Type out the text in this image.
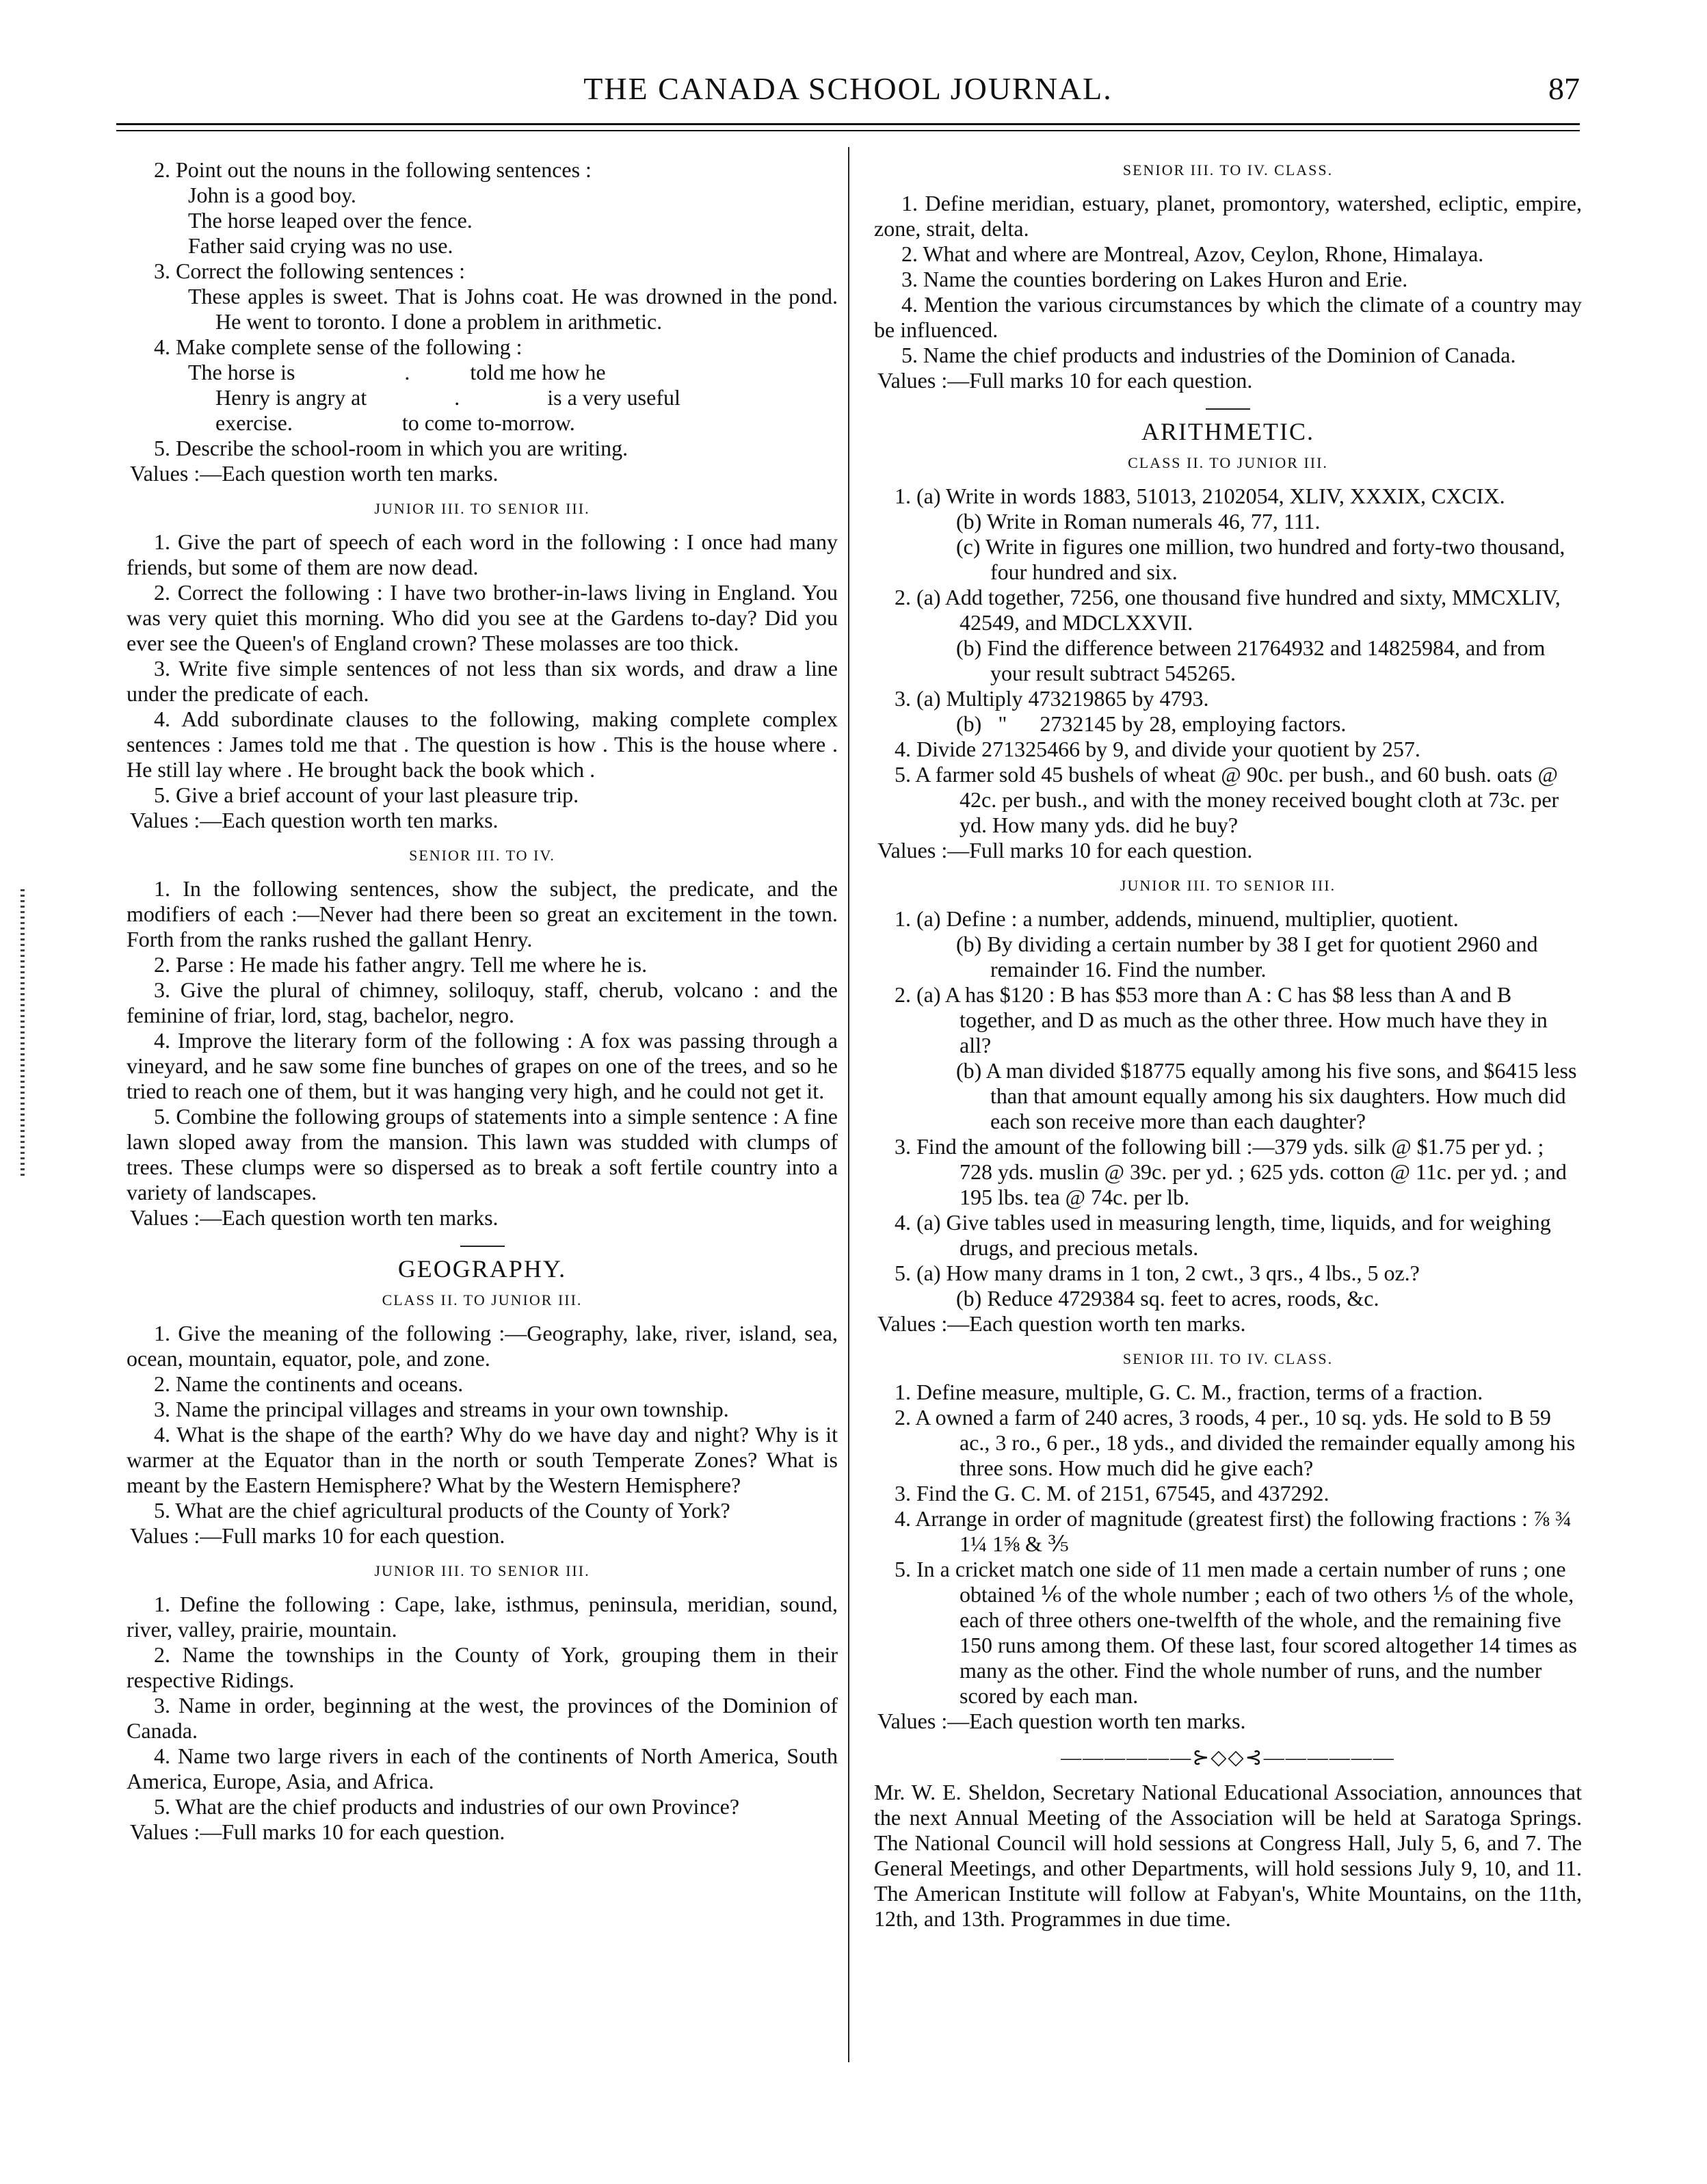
THE CANADA SCHOOL JOURNAL.	87

2. Point out the nouns in the following sentences :

John is a good boy.

The horse leaped over the fence.

Father said crying was no use.

3. Correct the following sentences :

These apples is sweet. That is Johns coat. He was drowned in the pond. He went to toronto. I done a problem in arithmetic.

4. Make complete sense of the following :

The horse is                    .           told me how he

Henry is angry at                .                is a very useful

exercise.                    to come to-morrow.

5. Describe the school-room in which you are writing.

Values :—Each question worth ten marks.

JUNIOR III. TO SENIOR III.

1. Give the part of speech of each word in the following : I once had many friends, but some of them are now dead.

2. Correct the following : I have two brother-in-laws living in England. You was very quiet this morning. Who did you see at the Gardens to-day? Did you ever see the Queen's of England crown? These molasses are too thick.

3. Write five simple sentences of not less than six words, and draw a line under the predicate of each.

4. Add subordinate clauses to the following, making complete complex sentences : James told me that . The question is how . This is the house where . He still lay where . He brought back the book which .

5. Give a brief account of your last pleasure trip.

Values :—Each question worth ten marks.

SENIOR III. TO IV.

1. In the following sentences, show the subject, the predicate, and the modifiers of each :—Never had there been so great an excitement in the town. Forth from the ranks rushed the gallant Henry.

2. Parse : He made his father angry. Tell me where he is.

3. Give the plural of chimney, soliloquy, staff, cherub, volcano : and the feminine of friar, lord, stag, bachelor, negro.

4. Improve the literary form of the following : A fox was passing through a vineyard, and he saw some fine bunches of grapes on one of the trees, and so he tried to reach one of them, but it was hanging very high, and he could not get it.

5. Combine the following groups of statements into a simple sentence : A fine lawn sloped away from the mansion. This lawn was studded with clumps of trees. These clumps were so dispersed as to break a soft fertile country into a variety of landscapes.

Values :—Each question worth ten marks.

GEOGRAPHY.
CLASS II. TO JUNIOR III.

1. Give the meaning of the following :—Geography, lake, river, island, sea, ocean, mountain, equator, pole, and zone.

2. Name the continents and oceans.

3. Name the principal villages and streams in your own township.

4. What is the shape of the earth? Why do we have day and night? Why is it warmer at the Equator than in the north or south Temperate Zones? What is meant by the Eastern Hemisphere? What by the Western Hemisphere?

5. What are the chief agricultural products of the County of York?

Values :—Full marks 10 for each question.

JUNIOR III. TO SENIOR III.

1. Define the following : Cape, lake, isthmus, peninsula, meridian, sound, river, valley, prairie, mountain.

2. Name the townships in the County of York, grouping them in their respective Ridings.

3. Name in order, beginning at the west, the provinces of the Dominion of Canada.

4. Name two large rivers in each of the continents of North America, South America, Europe, Asia, and Africa.

5. What are the chief products and industries of our own Province?

Values :—Full marks 10 for each question.

SENIOR III. TO IV. CLASS.

1. Define meridian, estuary, planet, promontory, watershed, ecliptic, empire, zone, strait, delta.

2. What and where are Montreal, Azov, Ceylon, Rhone, Himalaya.

3. Name the counties bordering on Lakes Huron and Erie.

4. Mention the various circumstances by which the climate of a country may be influenced.

5. Name the chief products and industries of the Dominion of Canada.

Values :—Full marks 10 for each question.

ARITHMETIC.
CLASS II. TO JUNIOR III.

1. (a) Write in words 1883, 51013, 2102054, XLIV, XXXIX, CXCIX.

(b) Write in Roman numerals 46, 77, 111.

(c) Write in figures one million, two hundred and forty-two thousand, four hundred and six.

2. (a) Add together, 7256, one thousand five hundred and sixty, MMCXLIV, 42549, and MDCLXXVII.

(b) Find the difference between 21764932 and 14825984, and from your result subtract 545265.

3. (a) Multiply 473219865 by 4793.

(b)   "      2732145 by 28, employing factors.

4. Divide 271325466 by 9, and divide your quotient by 257.

5. A farmer sold 45 bushels of wheat @ 90c. per bush., and 60 bush. oats @ 42c. per bush., and with the money received bought cloth at 73c. per yd. How many yds. did he buy?

Values :—Full marks 10 for each question.

JUNIOR III. TO SENIOR III.

1. (a) Define : a number, addends, minuend, multiplier, quotient.

(b) By dividing a certain number by 38 I get for quotient 2960 and remainder 16. Find the number.

2. (a) A has $120 : B has $53 more than A : C has $8 less than A and B together, and D as much as the other three. How much have they in all?

(b) A man divided $18775 equally among his five sons, and $6415 less than that amount equally among his six daughters. How much did each son receive more than each daughter?

3. Find the amount of the following bill :—379 yds. silk @ $1.75 per yd. ; 728 yds. muslin @ 39c. per yd. ; 625 yds. cotton @ 11c. per yd. ; and 195 lbs. tea @ 74c. per lb.

4. (a) Give tables used in measuring length, time, liquids, and for weighing drugs, and precious metals.

5. (a) How many drams in 1 ton, 2 cwt., 3 qrs., 4 lbs., 5 oz.?

(b) Reduce 4729384 sq. feet to acres, roods, &c.

Values :—Each question worth ten marks.

SENIOR III. TO IV. CLASS.

1. Define measure, multiple, G. C. M., fraction, terms of a fraction.

2. A owned a farm of 240 acres, 3 roods, 4 per., 10 sq. yds. He sold to B 59 ac., 3 ro., 6 per., 18 yds., and divided the remainder equally among his three sons. How much did he give each?

3. Find the G. C. M. of 2151, 67545, and 437292.

4. Arrange in order of magnitude (greatest first) the following fractions : ⅞ ¾ 1¼ 1⅝ & ⅗

5. In a cricket match one side of 11 men made a certain number of runs ; one obtained ⅙ of the whole number ; each of two others ⅕ of the whole, each of three others one-twelfth of the whole, and the remaining five 150 runs among them. Of these last, four scored altogether 14 times as many as the other. Find the whole number of runs, and the number scored by each man.

Values :—Each question worth ten marks.

——————⊱◇◇⊰——————

Mr. W. E. Sheldon, Secretary National Educational Association, announces that the next Annual Meeting of the Association will be held at Saratoga Springs. The National Council will hold sessions at Congress Hall, July 5, 6, and 7. The General Meetings, and other Departments, will hold sessions July 9, 10, and 11. The American Institute will follow at Fabyan's, White Mountains, on the 11th, 12th, and 13th. Programmes in due time.
